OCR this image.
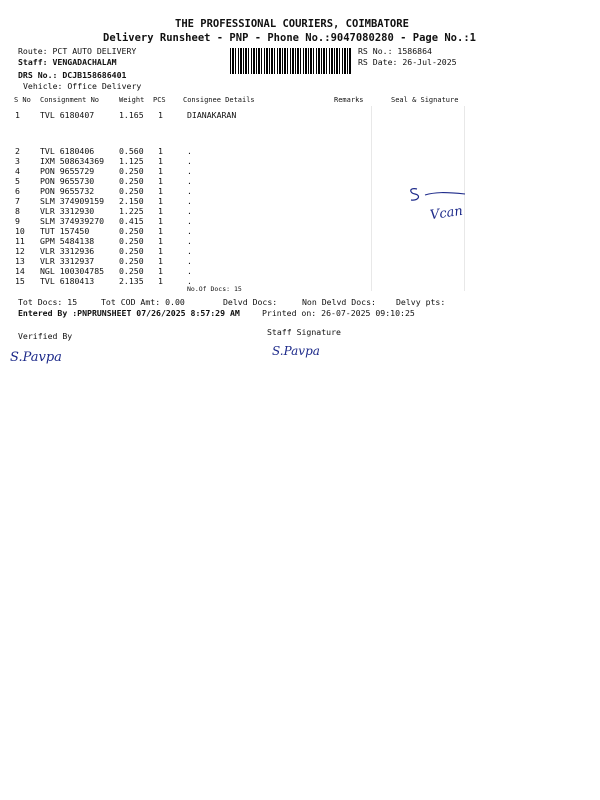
THE PROFESSIONAL COURIERS, COIMBATORE
Delivery Runsheet - PNP - Phone No.:9047080280 - Page No.:1
Route: PCT AUTO DELIVERY
Staff: VENGADACHALAM
DRS No.: DCJB158686401
Vehicle: Office Delivery
RS No.: 1586864
RS Date: 26-Jul-2025
S No Consignment No	Weight PCS Consignee Details	Remarks	Seal & Signature
1 TVL 6180407	1.165 1	DIANAKARAN
2 TVL 6180406	0.560 1	.
3 IXM 508634369 1.125 1	.
4 PON 9655729	0.250 1	.
5 PON 9655730	0.250 1	.
6 PON 9655732	0.250 1	.
7 SLM 374909159 2.150 1	.
8 VLR 3312930	1.225 1	.
9 SLM 374939270 0.415 1	.
10 TUT 157450	0.250 1	.
11 GPM 5484138	0.250 1	.
12 VLR 3312936	0.250 1	.
13 VLR 3312937	0.250 1	.
14 NGL 100304785 0.250 1	.
15 TVL 6180413	2.135 1	.
No.Of Docs: 15
Vcan
Tot Docs: 15	Tot COD Amt: 0.00	Delvd Docs:	Non Delvd Docs: Delvy pts:
Entered By :PNPRUNSHEET 07/26/2025 8:57:29 AM	Printed on: 26-07-2025 09:10:25
Verified By	Staff Signature
S.Pavpa	S.Pavpa
